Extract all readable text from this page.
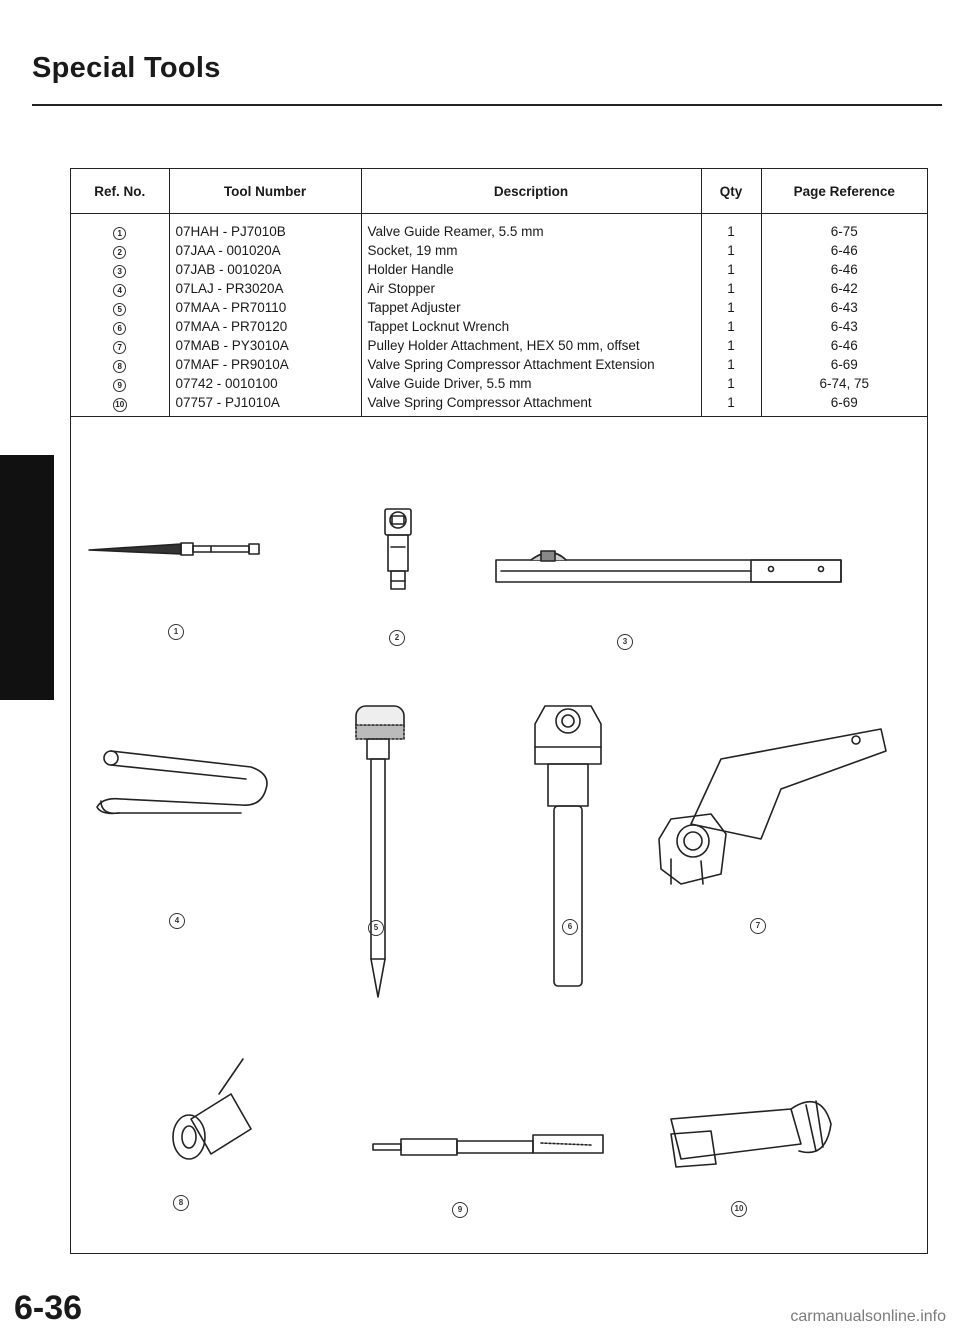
Special Tools
Ref. No.	Tool Number	Description	Qty	Page Reference
1	07HAH - PJ7010B	Valve Guide Reamer, 5.5 mm	1	6-75
2	07JAA - 001020A	Socket, 19 mm	1	6-46
3	07JAB - 001020A	Holder Handle	1	6-46
4	07LAJ - PR3020A	Air Stopper	1	6-42
5	07MAA - PR70110	Tappet Adjuster	1	6-43
6	07MAA - PR70120	Tappet Locknut Wrench	1	6-43
7	07MAB - PY3010A	Pulley Holder Attachment, HEX 50 mm, offset	1	6-46
8	07MAF - PR9010A	Valve Spring Compressor Attachment Extension	1	6-69
9	07742 - 0010100	Valve Guide Driver, 5.5 mm	1	6-74, 75
10	07757 - PJ1010A	Valve Spring Compressor Attachment	1	6-69
1
2	3
4
5	6	7
8
9	10

6-36	carmanualsonline.info
